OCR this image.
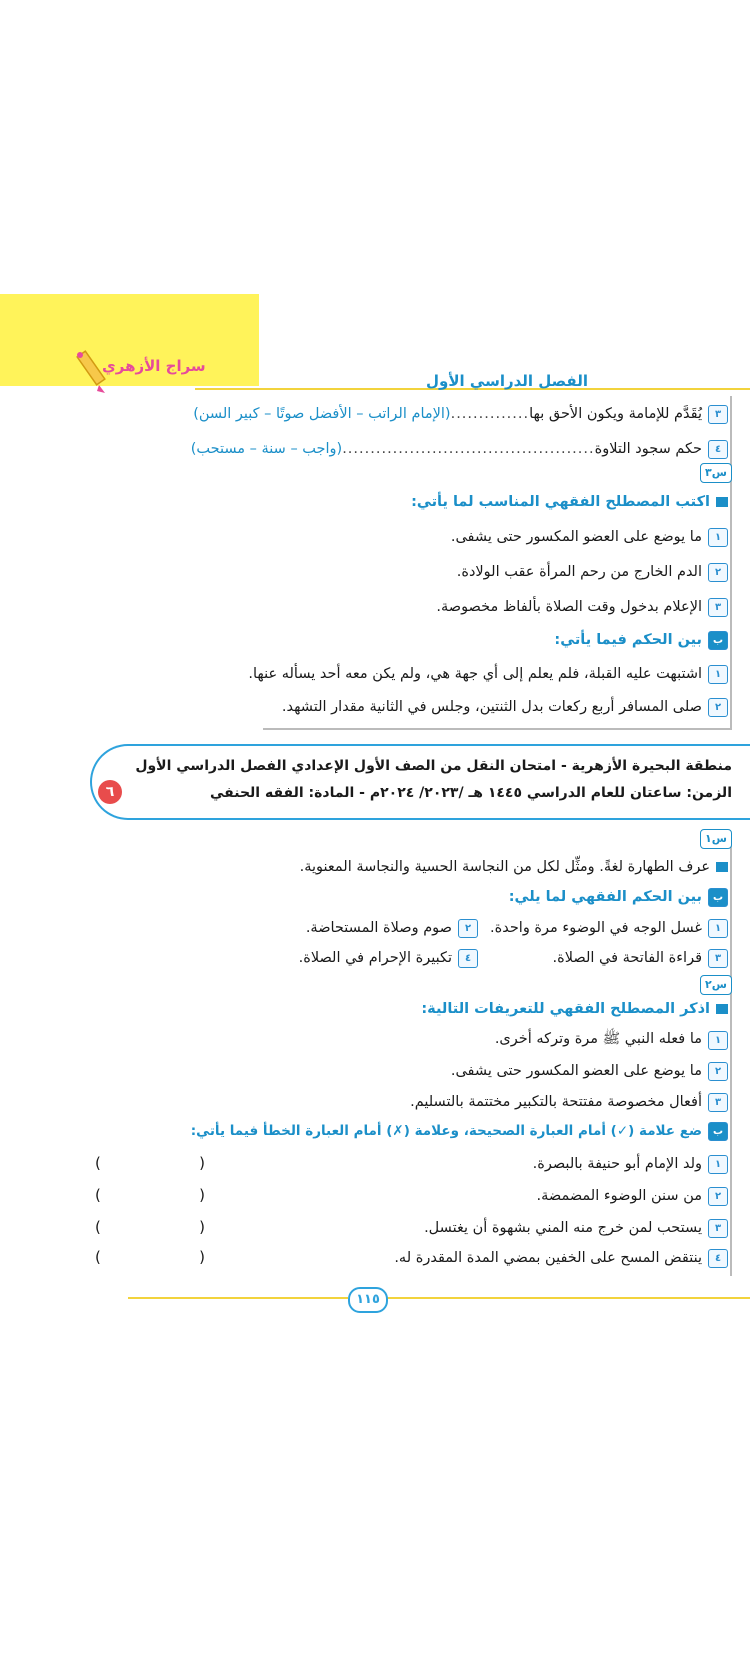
سراج الأزهري
الفصل الدراسي الأول
٣
يُقَدَّم للإمامة ويكون الأحق بها
..............
(الإمام الراتب – الأفضل صوتًا – كبير السن)
٤
حكم سجود التلاوة
.............................................
(واجب – سنة – مستحب)
س٣
اكتب المصطلح الفقهي المناسب لما يأتي:
١
ما يوضع على العضو المكسور حتى يشفى.
٢
الدم الخارج من رحم المرأة عقب الولادة.
٣
الإعلام بدخول وقت الصلاة بألفاظ مخصوصة.
ب
بين الحكم فيما يأتي:
١
اشتبهت عليه القبلة، فلم يعلم إلى أي جهة هي، ولم يكن معه أحد يسأله عنها.
٢
صلى المسافر أربع ركعات بدل الثنتين، وجلس في الثانية مقدار التشهد.
منطقة البحيرة الأزهرية - امتحان النقل من الصف الأول الإعدادي الفصل الدراسي الأول
الزمن: ساعتان للعام الدراسي ١٤٤٥ هـ /٢٠٢٣/ ٢٠٢٤م - المادة: الفقه الحنفي
٦
س١
عرف الطهارة لغةً. ومثِّل لكل من النجاسة الحسية والنجاسة المعنوية.
ب
بين الحكم الفقهي لما يلي:
١
غسل الوجه في الوضوء مرة واحدة.
٢
صوم وصلاة المستحاضة.
٣
قراءة الفاتحة في الصلاة.
٤
تكبيرة الإحرام في الصلاة.
س٢
اذكر المصطلح الفقهي للتعريفات التالية:
١
ما فعله النبي ﷺ مرة وتركه أخرى.
٢
ما يوضع على العضو المكسور حتى يشفى.
٣
أفعال مخصوصة مفتتحة بالتكبير مختتمة بالتسليم.
ب
ضع علامة (✓) أمام العبارة الصحيحة، وعلامة (✗) أمام العبارة الخطأ فيما يأتي:
١
ولد الإمام أبو حنيفة بالبصرة.
(	)
٢
من سنن الوضوء المضمضة.
(	)
٣
يستحب لمن خرج منه المني بشهوة أن يغتسل.
(	)
٤
ينتقض المسح على الخفين بمضي المدة المقدرة له.
(	)
١١٥
